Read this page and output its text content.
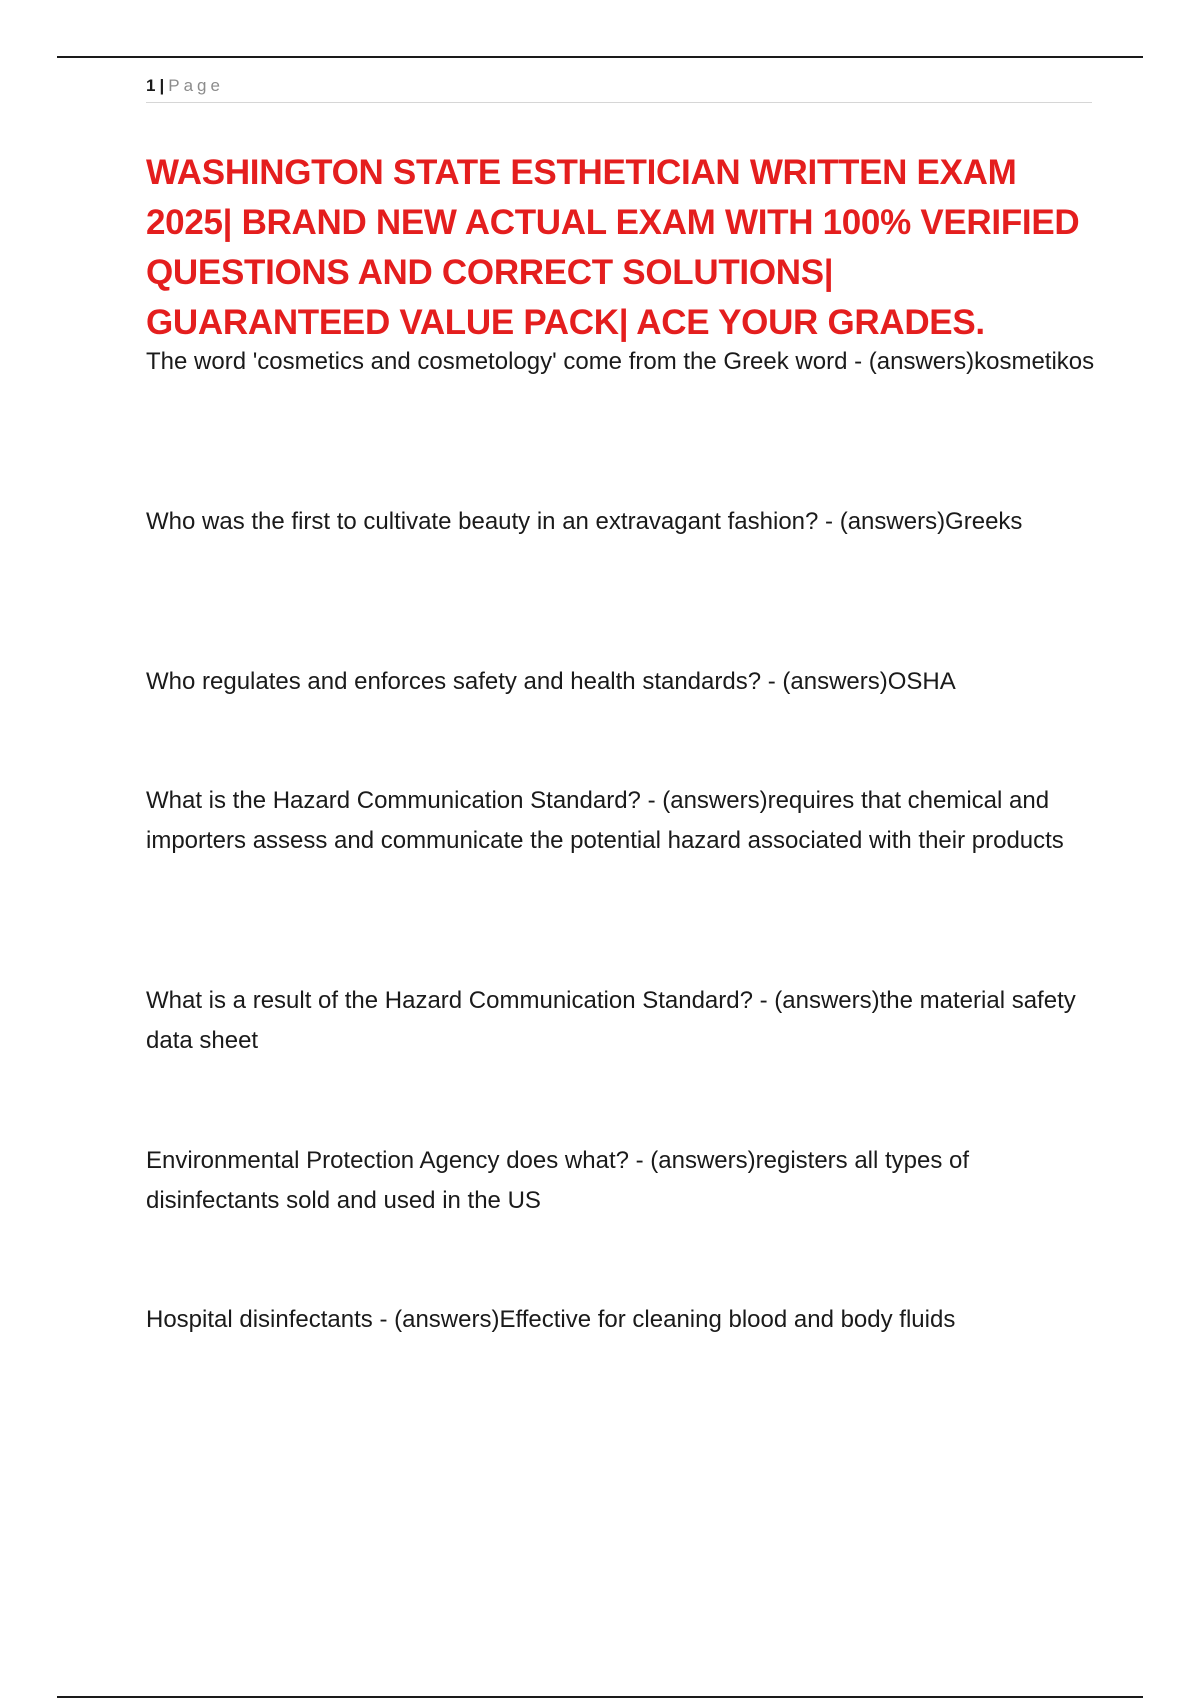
1 | Page
WASHINGTON STATE ESTHETICIAN WRITTEN EXAM 2025| BRAND NEW ACTUAL EXAM WITH 100% VERIFIED QUESTIONS AND CORRECT SOLUTIONS| GUARANTEED VALUE PACK| ACE YOUR GRADES.

The word 'cosmetics and cosmetology' come from the Greek word - (answers)kosmetikos

Who was the first to cultivate beauty in an extravagant fashion? - (answers)Greeks

Who regulates and enforces safety and health standards? - (answers)OSHA

What is the Hazard Communication Standard? - (answers)requires that chemical and importers assess and communicate the potential hazard associated with their products

What is a result of the Hazard Communication Standard? - (answers)the material safety data sheet

Environmental Protection Agency does what? - (answers)registers all types of disinfectants sold and used in the US

Hospital disinfectants - (answers)Effective for cleaning blood and body fluids
